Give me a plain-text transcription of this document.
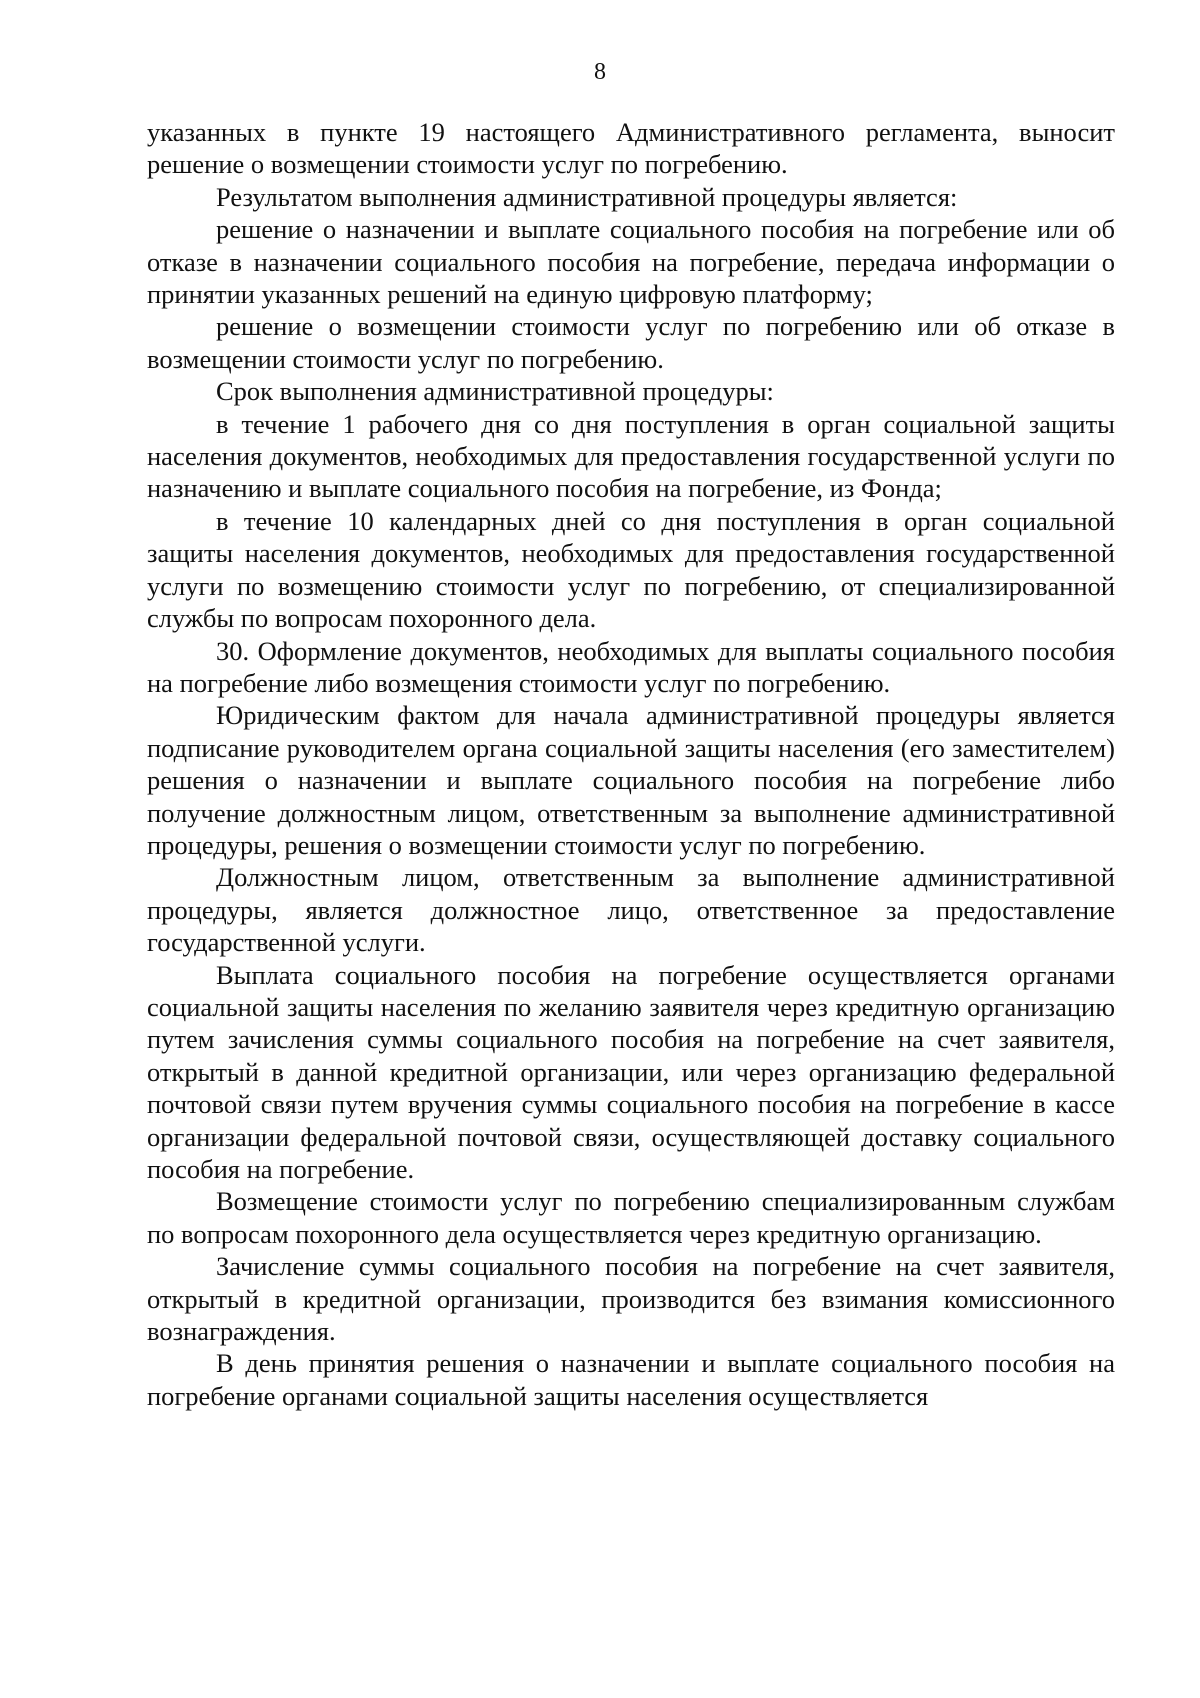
8

указанных в пункте 19 настоящего Административного регламента, выносит решение о возмещении стоимости услуг по погребению.

Результатом выполнения административной процедуры является:

решение о назначении и выплате социального пособия на погребение или об отказе в назначении социального пособия на погребение, передача информации о принятии указанных решений на единую цифровую платформу;

решение о возмещении стоимости услуг по погребению или об отказе в возмещении стоимости услуг по погребению.

Срок выполнения административной процедуры:

в течение 1 рабочего дня со дня поступления в орган социальной защиты населения документов, необходимых для предоставления государственной услуги по назначению и выплате социального пособия на погребение, из Фонда;

в течение 10 календарных дней со дня поступления в орган социальной защиты населения документов, необходимых для предоставления государственной услуги по возмещению стоимости услуг по погребению, от специализированной службы по вопросам похоронного дела.

30. Оформление документов, необходимых для выплаты социального пособия на погребение либо возмещения стоимости услуг по погребению.

Юридическим фактом для начала административной процедуры является подписание руководителем органа социальной защиты населения (его заместителем) решения о назначении и выплате социального пособия на погребение либо получение должностным лицом, ответственным за выполнение административной процедуры, решения о возмещении стоимости услуг по погребению.

Должностным лицом, ответственным за выполнение административной процедуры, является должностное лицо, ответственное за предоставление государственной услуги.

Выплата социального пособия на погребение осуществляется органами социальной защиты населения по желанию заявителя через кредитную организацию путем зачисления суммы социального пособия на погребение на счет заявителя, открытый в данной кредитной организации, или через организацию федеральной почтовой связи путем вручения суммы социального пособия на погребение в кассе организации федеральной почтовой связи, осуществляющей доставку социального пособия на погребение.

Возмещение стоимости услуг по погребению специализированным службам по вопросам похоронного дела осуществляется через кредитную организацию.

Зачисление суммы социального пособия на погребение на счет заявителя, открытый в кредитной организации, производится без взимания комиссионного вознаграждения.

В день принятия решения о назначении и выплате социального пособия на погребение органами социальной защиты населения осуществляется
